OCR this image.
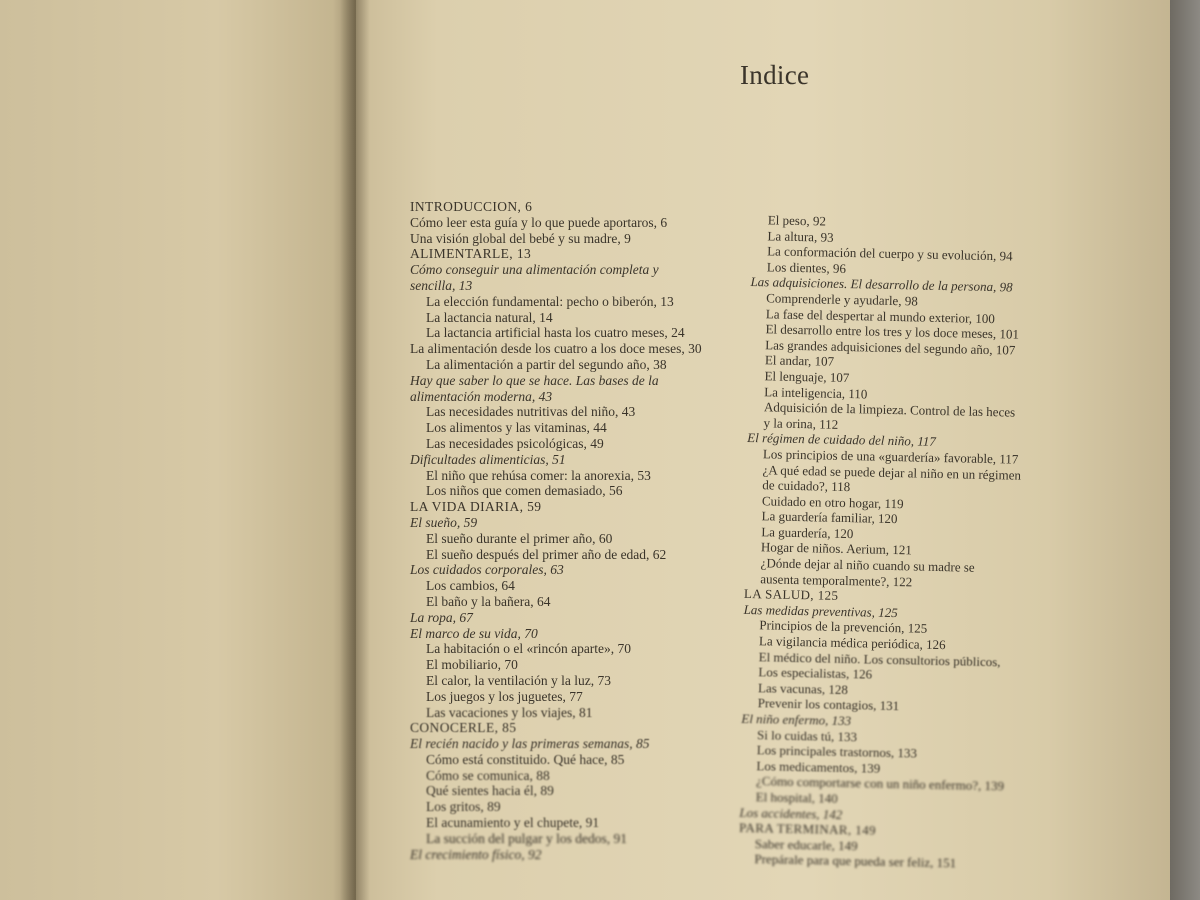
Indice
INTRODUCCION, 6
Cómo leer esta guía y lo que puede aportaros, 6
Una visión global del bebé y su madre, 9
ALIMENTARLE, 13
Cómo conseguir una alimentación completa y
sencilla, 13
La elección fundamental: pecho o biberón, 13
La lactancia natural, 14
La lactancia artificial hasta los cuatro meses, 24
La alimentación desde los cuatro a los doce meses, 30
La alimentación a partir del segundo año, 38
Hay que saber lo que se hace. Las bases de la
alimentación moderna, 43
Las necesidades nutritivas del niño, 43
Los alimentos y las vitaminas, 44
Las necesidades psicológicas, 49
Dificultades alimenticias, 51
El niño que rehúsa comer: la anorexia, 53
Los niños que comen demasiado, 56
LA VIDA DIARIA, 59
El sueño, 59
El sueño durante el primer año, 60
El sueño después del primer año de edad, 62
Los cuidados corporales, 63
Los cambios, 64
El baño y la bañera, 64
La ropa, 67
El marco de su vida, 70
La habitación o el «rincón aparte», 70
El mobiliario, 70
El calor, la ventilación y la luz, 73
Los juegos y los juguetes, 77
Las vacaciones y los viajes, 81
CONOCERLE, 85
El recién nacido y las primeras semanas, 85
Cómo está constituido. Qué hace, 85
Cómo se comunica, 88
Qué sientes hacia él, 89
Los gritos, 89
El acunamiento y el chupete, 91
La succión del pulgar y los dedos, 91
El crecimiento físico, 92
El peso, 92
La altura, 93
La conformación del cuerpo y su evolución, 94
Los dientes, 96
Las adquisiciones. El desarrollo de la persona, 98
Comprenderle y ayudarle, 98
La fase del despertar al mundo exterior, 100
El desarrollo entre los tres y los doce meses, 101
Las grandes adquisiciones del segundo año, 107
El andar, 107
El lenguaje, 107
La inteligencia, 110
Adquisición de la limpieza. Control de las heces
y la orina, 112
El régimen de cuidado del niño, 117
Los principios de una «guardería» favorable, 117
¿A qué edad se puede dejar al niño en un régimen
de cuidado?, 118
Cuidado en otro hogar, 119
La guardería familiar, 120
La guardería, 120
Hogar de niños. Aerium, 121
¿Dónde dejar al niño cuando su madre se
ausenta temporalmente?, 122
LA SALUD, 125
Las medidas preventivas, 125
Principios de la prevención, 125
La vigilancia médica periódica, 126
El médico del niño. Los consultorios públicos,
Los especialistas, 126
Las vacunas, 128
Prevenir los contagios, 131
El niño enfermo, 133
Si lo cuidas tú, 133
Los principales trastornos, 133
Los medicamentos, 139
¿Cómo comportarse con un niño enfermo?, 139
El hospital, 140
Los accidentes, 142
PARA TERMINAR, 149
Saber educarle, 149
Prepárale para que pueda ser feliz, 151
